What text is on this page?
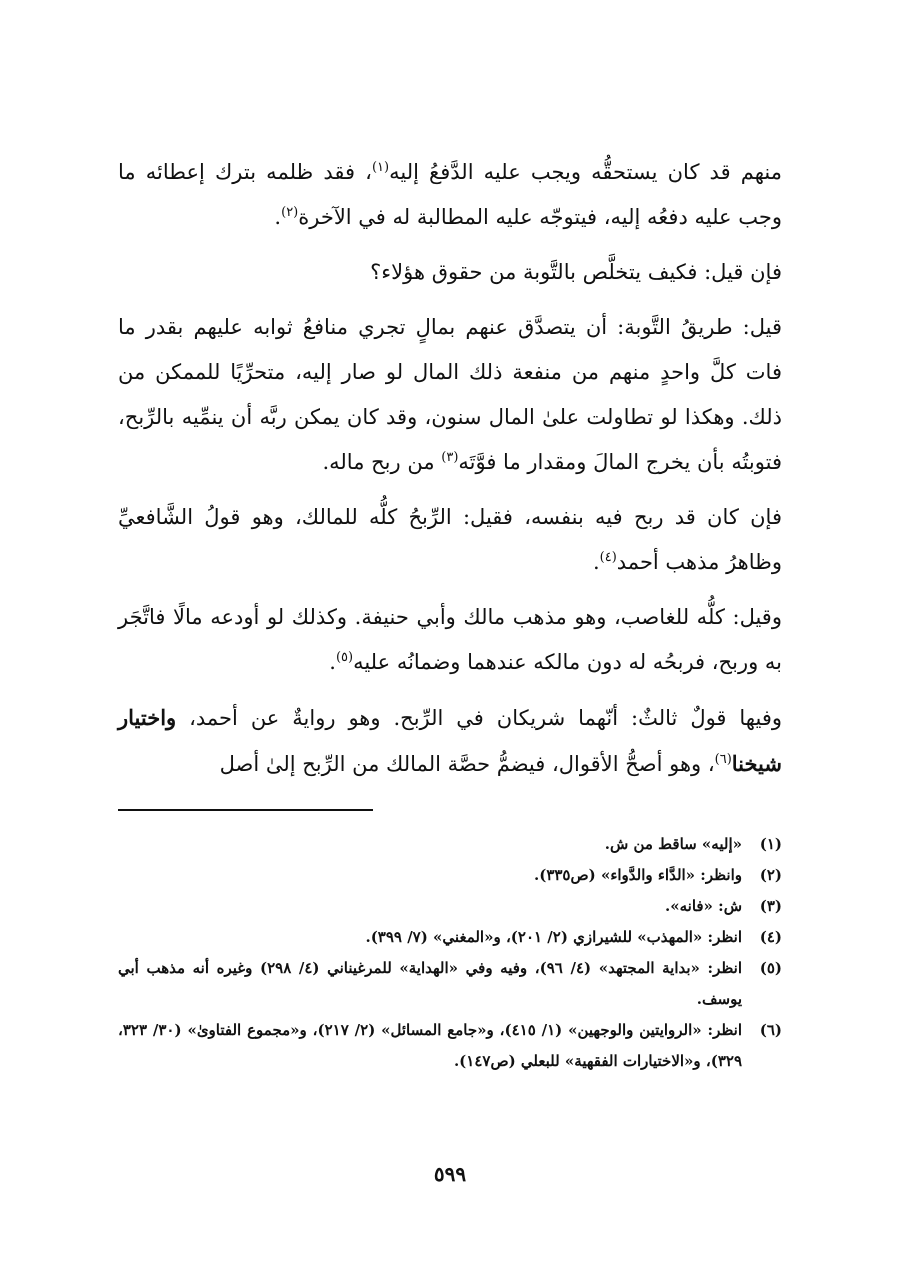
منهم قد كان يستحقُّه ويجب عليه الدَّفعُ إليه$^{(١)}$، فقد ظلمه بترك إعطائه ما وجب عليه دفعُه إليه، فيتوجّه عليه المطالبة له في الآخرة$^{(٢)}$.

فإن قيل: فكيف يتخلَّص بالتَّوبة من حقوق هؤلاء؟

قيل: طريقُ التَّوبة: أن يتصدَّق عنهم بمالٍ تجري منافعُ ثوابه عليهم بقدر ما فات كلَّ واحدٍ منهم من منفعة ذلك المال لو صار إليه، متحرِّيًا للممكن من ذلك. وهكذا لو تطاولت علىٰ المال سنون، وقد كان يمكن ربَّه أن ينمِّيه بالرِّبح، فتوبتُه بأن يخرج المالَ ومقدار ما فوَّتَه$^{(٣)}$ من ربح ماله.

فإن كان قد ربح فيه بنفسه، فقيل: الرِّبحُ كلُّه للمالك، وهو قولُ الشَّافعيِّ وظاهرُ مذهب أحمد$^{(٤)}$.

وقيل: كلُّه للغاصب، وهو مذهب مالك وأبي حنيفة. وكذلك لو أودعه مالًا فاتَّجَر به وربح، فربحُه له دون مالكه عندهما وضمانُه عليه$^{(٥)}$.

وفيها قولٌ ثالثٌ: أنّهما شريكان في الرِّبح. وهو روايةٌ عن أحمد، واختيار شيخنا$^{(٦)}$، وهو أصحُّ الأقوال، فيضمُّ حصَّة المالك من الرِّبح إلىٰ أصل

(١)
«إليه» ساقط من ش.
(٢)
وانظر: «الدَّاء والدَّواء» (ص٣٣٥).
(٣)
ش: «فانه».
(٤)
انظر: «المهذب» للشيرازي (٢/ ٢٠١)، و«المغني» (٧/ ٣٩٩).
(٥)
انظر: «بداية المجتهد» (٤/ ٩٦)، وفيه وفي «الهداية» للمرغيناني (٤/ ٢٩٨) وغيره أنه مذهب أبي يوسف.
(٦)
انظر: «الروايتين والوجهين» (١/ ٤١٥)، و«جامع المسائل» (٢/ ٢١٧)، و«مجموع الفتاوىٰ» (٣٠/ ٣٢٣، ٣٢٩)، و«الاختيارات الفقهية» للبعلي (ص١٤٧).
٥٩٩
